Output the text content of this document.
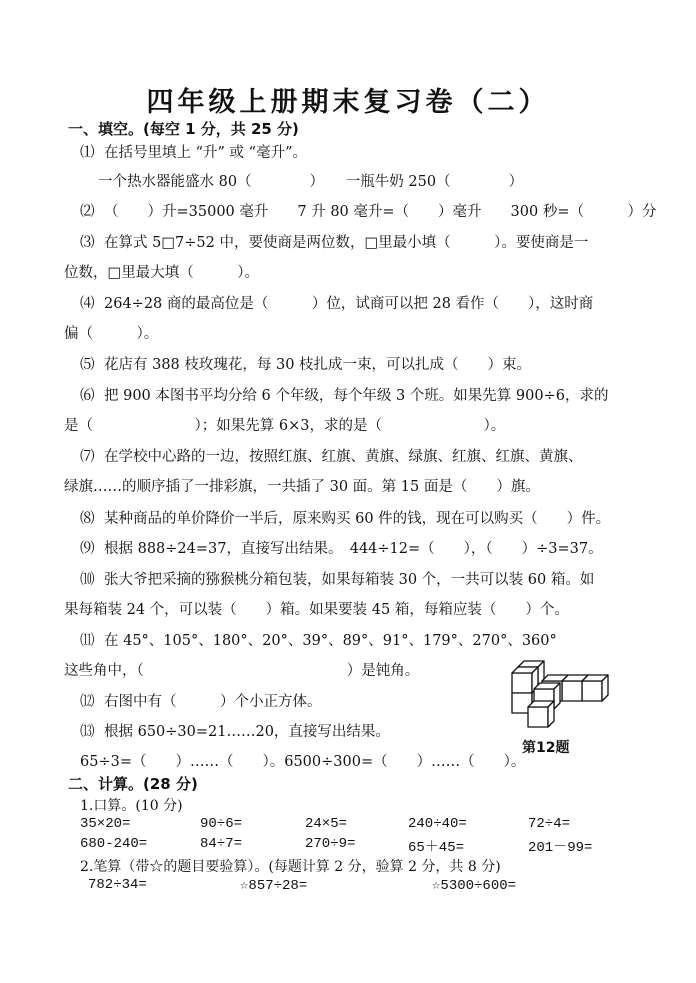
四年级上册期末复习卷（二）
一、填空。(每空 1 分，共 25 分)
⑴ 在括号里填上 “升” 或 “毫升”。
一个热水器能盛水 80（　　　　）　　一瓶牛奶 250（　　　　）
⑵ （　　）升=35000 毫升　　7 升 80 毫升=（　　）毫升　　300 秒=（　　　）分
⑶ 在算式 5□7÷52 中，要使商是两位数，□里最小填（　　　）。要使商是一
位数，□里最大填（　　　）。
⑷ 264÷28 商的最高位是（　　　）位，试商可以把 28 看作（　　），这时商
偏（　　　）。
⑸ 花店有 388 枝玫瑰花，每 30 枝扎成一束，可以扎成（　　）束。
⑹ 把 900 本图书平均分给 6 个年级，每个年级 3 个班。如果先算 900÷6，求的
是（　　　　　　　）；如果先算 6×3，求的是（　　　　　　　）。
⑺ 在学校中心路的一边，按照红旗、红旗、黄旗、绿旗、红旗、红旗、黄旗、
绿旗……的顺序插了一排彩旗，一共插了 30 面。第 15 面是（　　）旗。
⑻ 某种商品的单价降价一半后，原来购买 60 件的钱，现在可以购买（　　）件。
⑼ 根据 888÷24=37，直接写出结果。　444÷12=（　　），（　　）÷3=37。
⑽ 张大爷把采摘的猕猴桃分箱包装，如果每箱装 30 个，一共可以装 60 箱。如
果每箱装 24 个，可以装（　　）箱。如果要装 45 箱，每箱应装（　　）个。
⑾ 在 45°、105°、180°、20°、39°、89°、91°、179°、270°、360°
这些角中，（　　　　　　　　　　　　　　）是钝角。
⑿ 右图中有（　　　）个小正方体。
⒀ 根据 650÷30=21……20，直接写出结果。
65÷3=（　　）……（　　）。6500÷300=（　　）……（　　）。
第12题
二、计算。(28 分)
1.口算。(10 分)
35×20=	90÷6=	24×5=	240÷40=	72÷4=
680-240=	84÷7=	270÷9=	65＋45=	201－99=
2.笔算（带☆的题目要验算）。(每题计算 2 分，验算 2 分，共 8 分)
782÷34=	☆857÷28=	☆5300÷600=
